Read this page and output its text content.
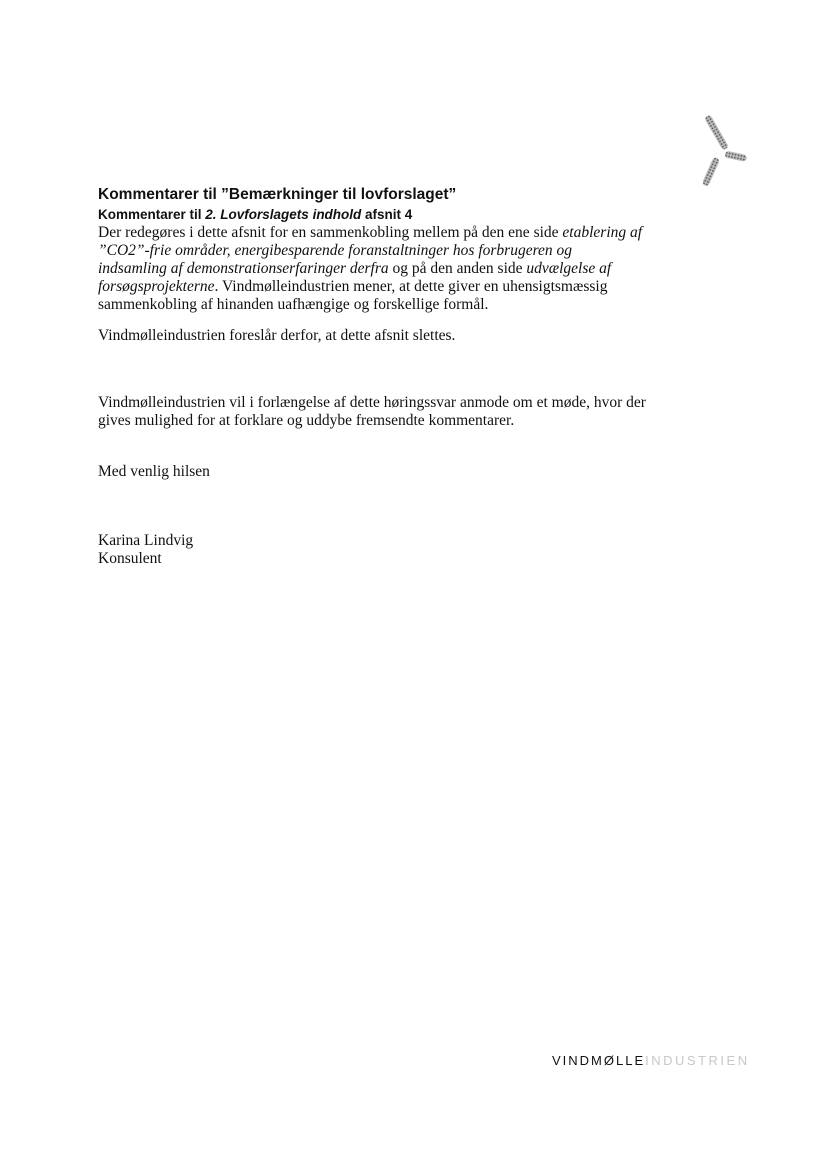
Kommentarer til ”Bemærkninger til lovforslaget”
Kommentarer til 2. Lovforslagets indhold afsnit 4
Der redegøres i dette afsnit for en sammenkobling mellem på den ene side etablering af
”CO2”-frie områder, energibesparende foranstaltninger hos forbrugeren og
indsamling af demonstrationserfaringer derfra og på den anden side udvælgelse af
forsøgsprojekterne. Vindmølleindustrien mener, at dette giver en uhensigtsmæssig
sammenkobling af hinanden uafhængige og forskellige formål.
Vindmølleindustrien foreslår derfor, at dette afsnit slettes.
Vindmølleindustrien vil i forlængelse af dette høringssvar anmode om et møde, hvor der
gives mulighed for at forklare og uddybe fremsendte kommentarer.
Med venlig hilsen
Karina Lindvig
Konsulent
VINDMØLLEINDUSTRIEN
